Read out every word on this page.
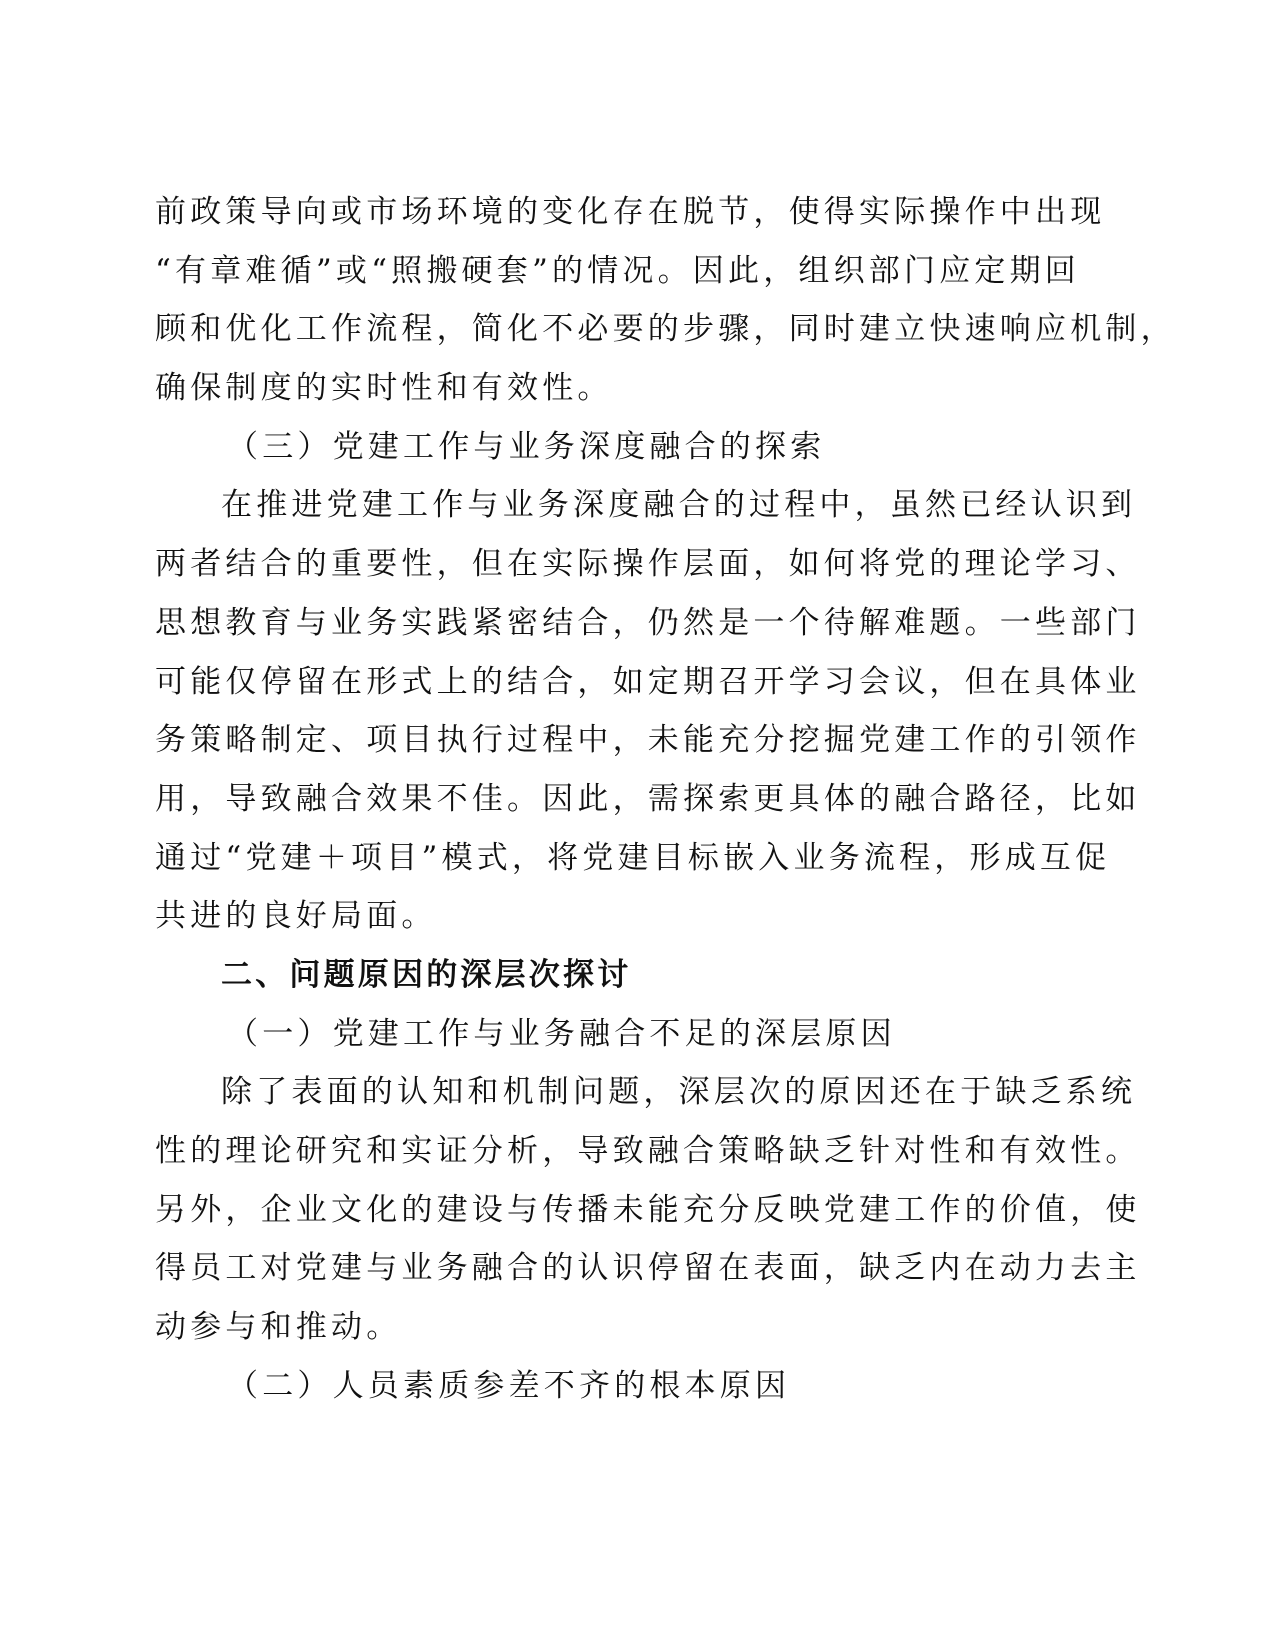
前政策导向或市场环境的变化存在脱节，使得实际操作中出现
“有章难循”或“照搬硬套”的情况。因此，组织部门应定期回
顾和优化工作流程，简化不必要的步骤，同时建立快速响应机制，
确保制度的实时性和有效性。
（三）党建工作与业务深度融合的探索
在推进党建工作与业务深度融合的过程中，虽然已经认识到
两者结合的重要性，但在实际操作层面，如何将党的理论学习、
思想教育与业务实践紧密结合，仍然是一个待解难题。一些部门
可能仅停留在形式上的结合，如定期召开学习会议，但在具体业
务策略制定、项目执行过程中，未能充分挖掘党建工作的引领作
用，导致融合效果不佳。因此，需探索更具体的融合路径，比如
通过“党建＋项目”模式，将党建目标嵌入业务流程，形成互促
共进的良好局面。
二、问题原因的深层次探讨
（一）党建工作与业务融合不足的深层原因
除了表面的认知和机制问题，深层次的原因还在于缺乏系统
性的理论研究和实证分析，导致融合策略缺乏针对性和有效性。
另外，企业文化的建设与传播未能充分反映党建工作的价值，使
得员工对党建与业务融合的认识停留在表面，缺乏内在动力去主
动参与和推动。
（二）人员素质参差不齐的根本原因
